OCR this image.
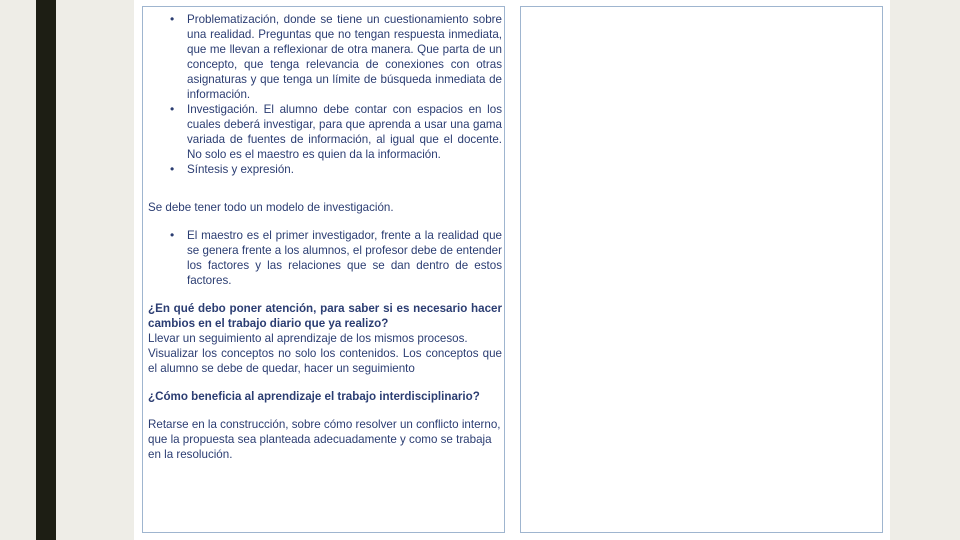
• Problematización, donde se tiene un cuestionamiento sobre una realidad. Preguntas que no tengan respuesta inmediata, que me llevan a reflexionar de otra manera. Que parta de un concepto, que tenga relevancia de conexiones con otras asignaturas y que tenga un límite de búsqueda inmediata de información.
• Investigación. El alumno debe contar con espacios en los cuales deberá investigar, para que aprenda a usar una gama variada de fuentes de información, al igual que el docente. No solo es el maestro es quien da la información.
• Síntesis y expresión.

Se debe tener todo un modelo de investigación.

• El maestro es el primer investigador, frente a la realidad que se genera frente a los alumnos, el profesor debe de entender los factores y las relaciones que se dan dentro de estos factores.

¿En qué debo poner atención, para saber si es necesario hacer cambios en el trabajo diario que ya realizo?

Llevar un seguimiento al aprendizaje de los mismos procesos.

Visualizar los conceptos no solo los contenidos. Los conceptos que el alumno se debe de quedar, hacer un seguimiento

¿Cómo beneficia al aprendizaje el trabajo interdisciplinario?

Retarse en la construcción, sobre cómo resolver un conflicto interno, que la propuesta sea planteada adecuadamente y como se trabaja en la resolución.
